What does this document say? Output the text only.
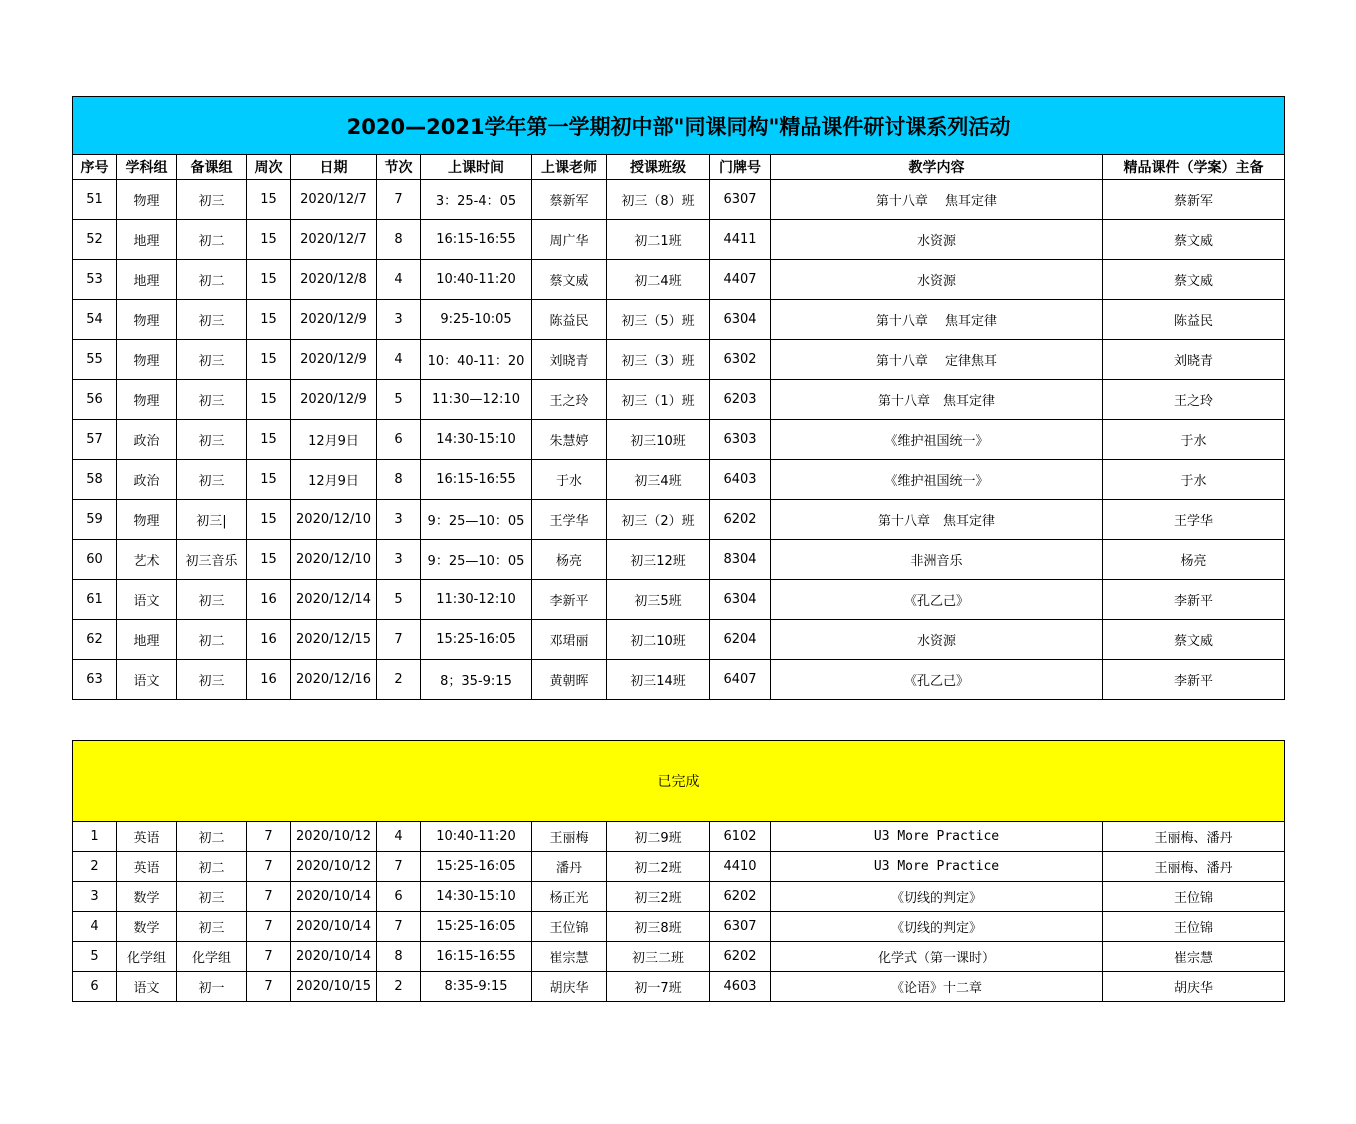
2020—2021学年第一学期初中部"同课同构"精品课件研讨课系列活动											
序号	学科组	备课组	周次	日期	节次	上课时间	上课老师	授课班级	门牌号	教学内容	精品课件（学案）主备
51	物理	初三	15	2020/12/7	7	3：25-4：05	蔡新军	初三（8）班	6307	第十八章　 焦耳定律	蔡新军
52	地理	初二	15	2020/12/7	8	16:15-16:55	周广华	初二1班	4411	水资源	蔡文威
53	地理	初二	15	2020/12/8	4	10:40-11:20	蔡文威	初二4班	4407	水资源	蔡文威
54	物理	初三	15	2020/12/9	3	9:25-10:05	陈益民	初三（5）班	6304	第十八章　 焦耳定律	陈益民
55	物理	初三	15	2020/12/9	4	10：40-11：20	刘晓青	初三（3）班	6302	第十八章　 定律焦耳	刘晓青
56	物理	初三	15	2020/12/9	5	11:30—12:10	王之玲	初三（1）班	6203	第十八章　焦耳定律	王之玲
57	政治	初三	15	12月9日	6	14:30-15:10	朱慧婷	初三10班	6303	《维护祖国统一》	于水
58	政治	初三	15	12月9日	8	16:15-16:55	于水	初三4班	6403	《维护祖国统一》	于水
59	物理	初三|	15	2020/12/10	3	9：25—10：05	王学华	初三（2）班	6202	第十八章　焦耳定律	王学华
60	艺术	初三音乐	15	2020/12/10	3	9：25—10：05	杨亮	初三12班	8304	非洲音乐	杨亮
61	语文	初三	16	2020/12/14	5	11:30-12:10	李新平	初三5班	6304	《孔乙己》	李新平
62	地理	初二	16	2020/12/15	7	15:25-16:05	邓珺丽	初二10班	6204	水资源	蔡文威
63	语文	初三	16	2020/12/16	2	8；35-9:15	黄朝晖	初三14班	6407	《孔乙己》	李新平
已完成											
1	英语	初二	7	2020/10/12	4	10:40-11:20	王丽梅	初二9班	6102	U3 More Practice	王丽梅、潘丹
2	英语	初二	7	2020/10/12	7	15:25-16:05	潘丹	初二2班	4410	U3 More Practice	王丽梅、潘丹
3	数学	初三	7	2020/10/14	6	14:30-15:10	杨正光	初三2班	6202	《切线的判定》	王位锦
4	数学	初三	7	2020/10/14	7	15:25-16:05	王位锦	初三8班	6307	《切线的判定》	王位锦
5	化学组	化学组	7	2020/10/14	8	16:15-16:55	崔宗慧	初三二班	6202	化学式（第一课时）	崔宗慧
6	语文	初一	7	2020/10/15	2	8:35-9:15	胡庆华	初一7班	4603	《论语》十二章	胡庆华
